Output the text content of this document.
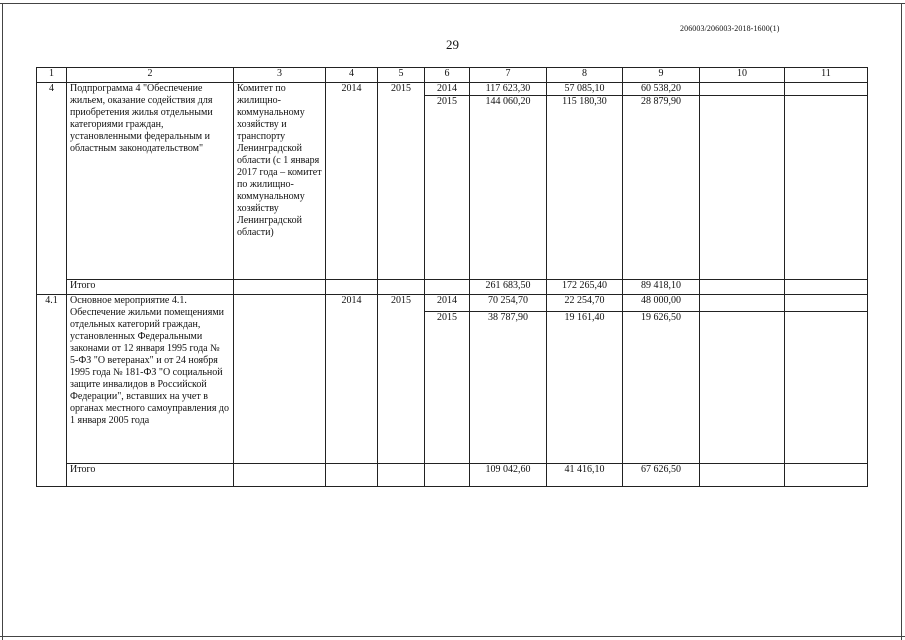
206003/206003-2018-1600(1)
29
1	2	3	4	5	6	7	8	9	10	11
4	Подпрограмма 4 "Обеспечение жильем, оказание содействия для приобретения жилья отдельными категориями граждан, установленными федеральным и областным законодательством"	Комитет по жилищно-коммунальному хозяйству и транспорту Ленинградской области (с 1 января 2017 года – комитет по жилищно-коммунальному хозяйству Ленинградской области)	2014	2015	2014	117 623,30	57 085,10	60 538,20		
					2015	144 060,20	115 180,30	28 879,90		
	Итого					261 683,50	172 265,40	89 418,10		
4.1	Основное мероприятие 4.1. Обеспечение жильми помещениями отдельных категорий граждан, установленных Федеральными законами от 12 января 1995 года № 5-ФЗ "О ветеранах" и от 24 ноября 1995 года № 181-ФЗ "О социальной защите инвалидов в Российской Федерации", вставших на учет в органах местного самоуправления до 1 января 2005 года		2014	2015	2014	70 254,70	22 254,70	48 000,00		
					2015	38 787,90	19 161,40	19 626,50		
	Итого					109 042,60	41 416,10	67 626,50		
